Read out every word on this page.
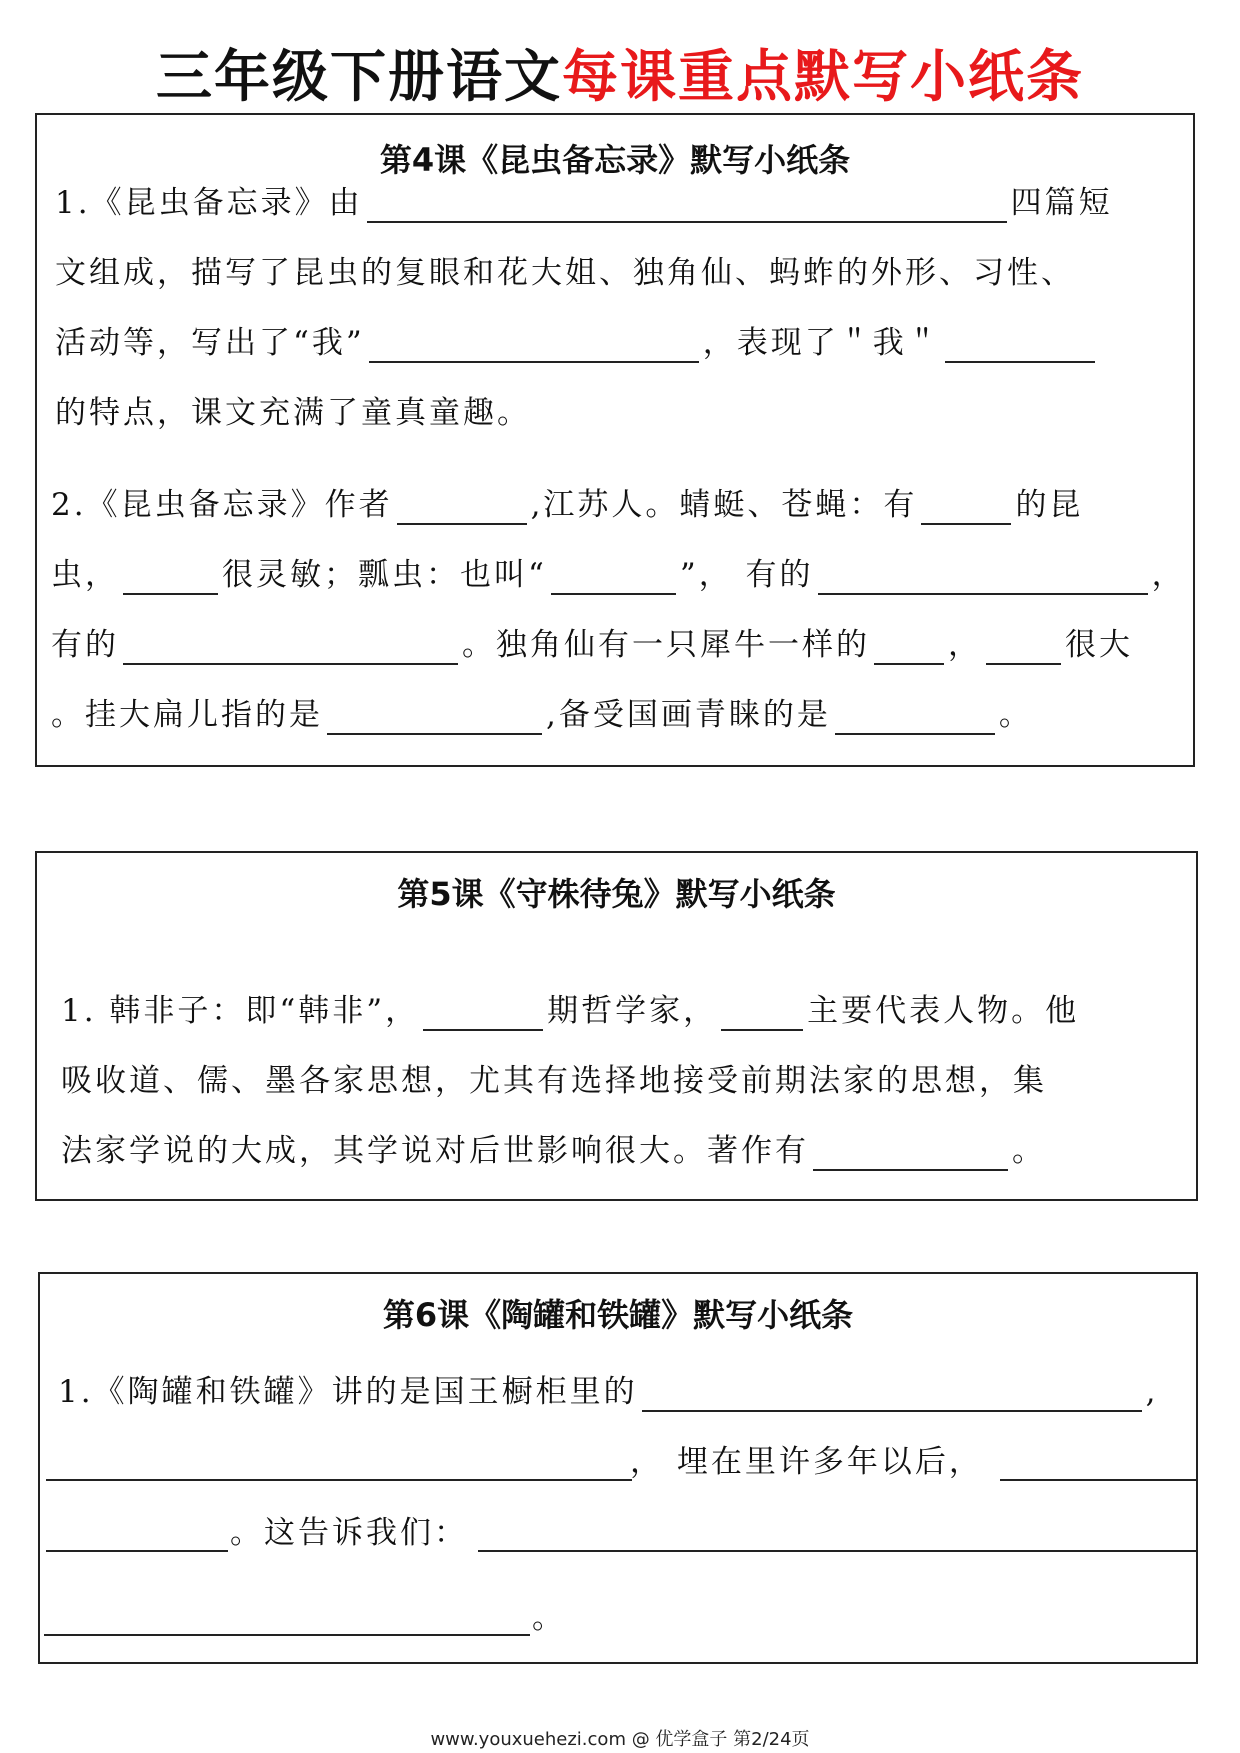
三年级下册语文每课重点默写小纸条
第4课《昆虫备忘录》默写小纸条
1.《昆虫备忘录》由	四篇短
文组成，描写了昆虫的复眼和花大姐、独角仙、蚂蚱的外形、习性、
活动等，写出了“我”	，表现了＂我＂
的特点，课文充满了童真童趣。
2.《昆虫备忘录》作者	,江苏人。蜻蜓、苍蝇：有	的昆
虫，	很灵敏；瓢虫：也叫“	”， 有的	，
有的	。独角仙有一只犀牛一样的	，	很大
。挂大扁儿指的是	,备受国画青睐的是	。
第5课《守株待兔》默写小纸条
1. 韩非子：即“韩非”，	期哲学家，	主要代表人物。他
吸收道、儒、墨各家思想，尤其有选择地接受前期法家的思想，集
法家学说的大成，其学说对后世影响很大。著作有	。
第6课《陶罐和铁罐》默写小纸条
1.《陶罐和铁罐》讲的是国王橱柜里的	,
， 埋在里许多年以后，
。这告诉我们：
。
www.youxuehezi.com @ 优学盒子 第2/24页
